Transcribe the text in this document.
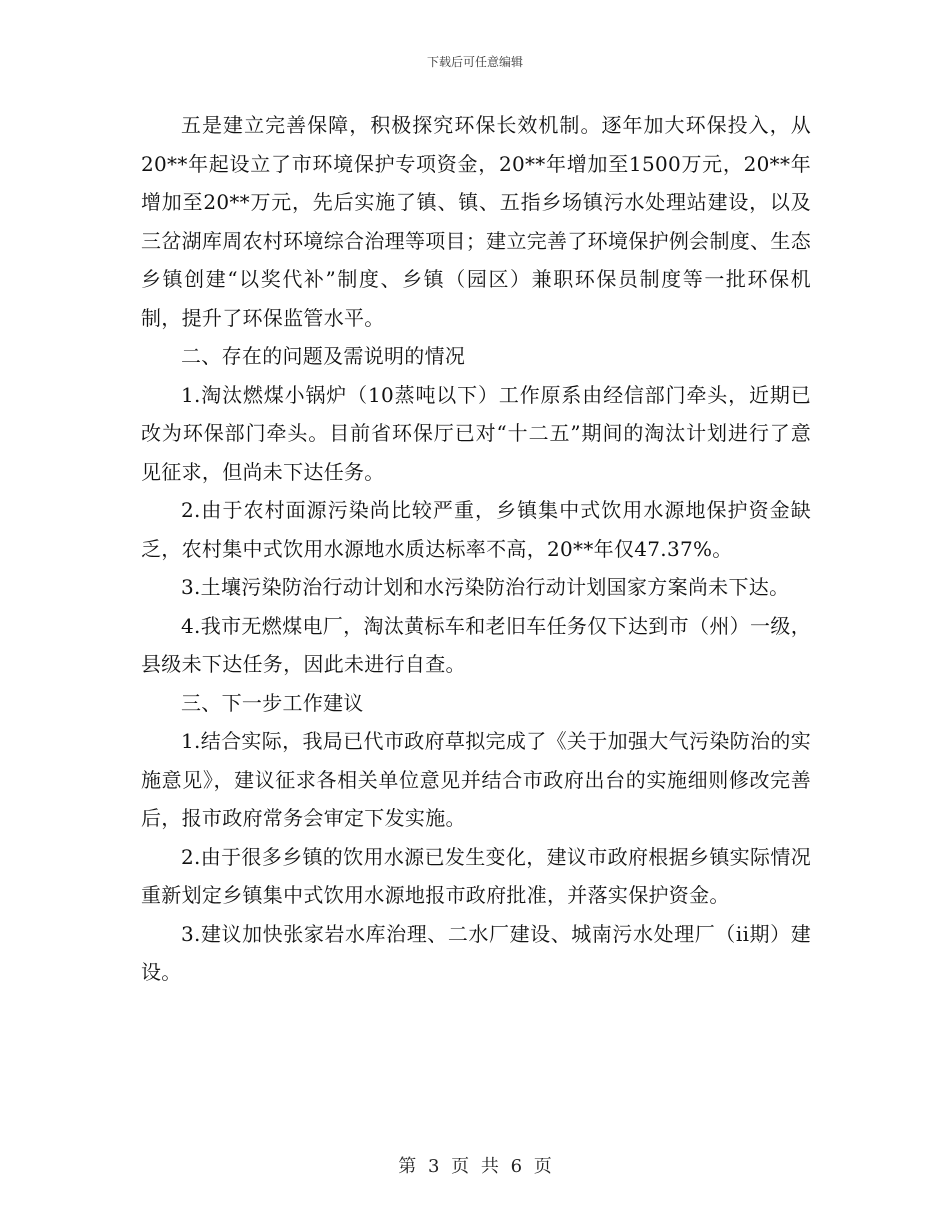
下载后可任意编辑

五是建立完善保障，积极探究环保长效机制。逐年加大环保投入，从20**年起设立了市环境保护专项资金，20**年增加至1500万元，20**年增加至20**万元，先后实施了镇、镇、五指乡场镇污水处理站建设，以及三岔湖库周农村环境综合治理等项目；建立完善了环境保护例会制度、生态乡镇创建“以奖代补”制度、乡镇（园区）兼职环保员制度等一批环保机制，提升了环保监管水平。

二、存在的问题及需说明的情况

1.淘汰燃煤小锅炉（10蒸吨以下）工作原系由经信部门牵头，近期已改为环保部门牵头。目前省环保厅已对“十二五”期间的淘汰计划进行了意见征求，但尚未下达任务。

2.由于农村面源污染尚比较严重，乡镇集中式饮用水源地保护资金缺乏，农村集中式饮用水源地水质达标率不高，20**年仅47.37%。

3.土壤污染防治行动计划和水污染防治行动计划国家方案尚未下达。

4.我市无燃煤电厂，淘汰黄标车和老旧车任务仅下达到市（州）一级，县级未下达任务，因此未进行自查。

三、下一步工作建议

1.结合实际，我局已代市政府草拟完成了《关于加强大气污染防治的实施意见》，建议征求各相关单位意见并结合市政府出台的实施细则修改完善后，报市政府常务会审定下发实施。

2.由于很多乡镇的饮用水源已发生变化，建议市政府根据乡镇实际情况重新划定乡镇集中式饮用水源地报市政府批准，并落实保护资金。

3.建议加快张家岩水库治理、二水厂建设、城南污水处理厂（ii期）建设。

第 3 页 共 6 页
